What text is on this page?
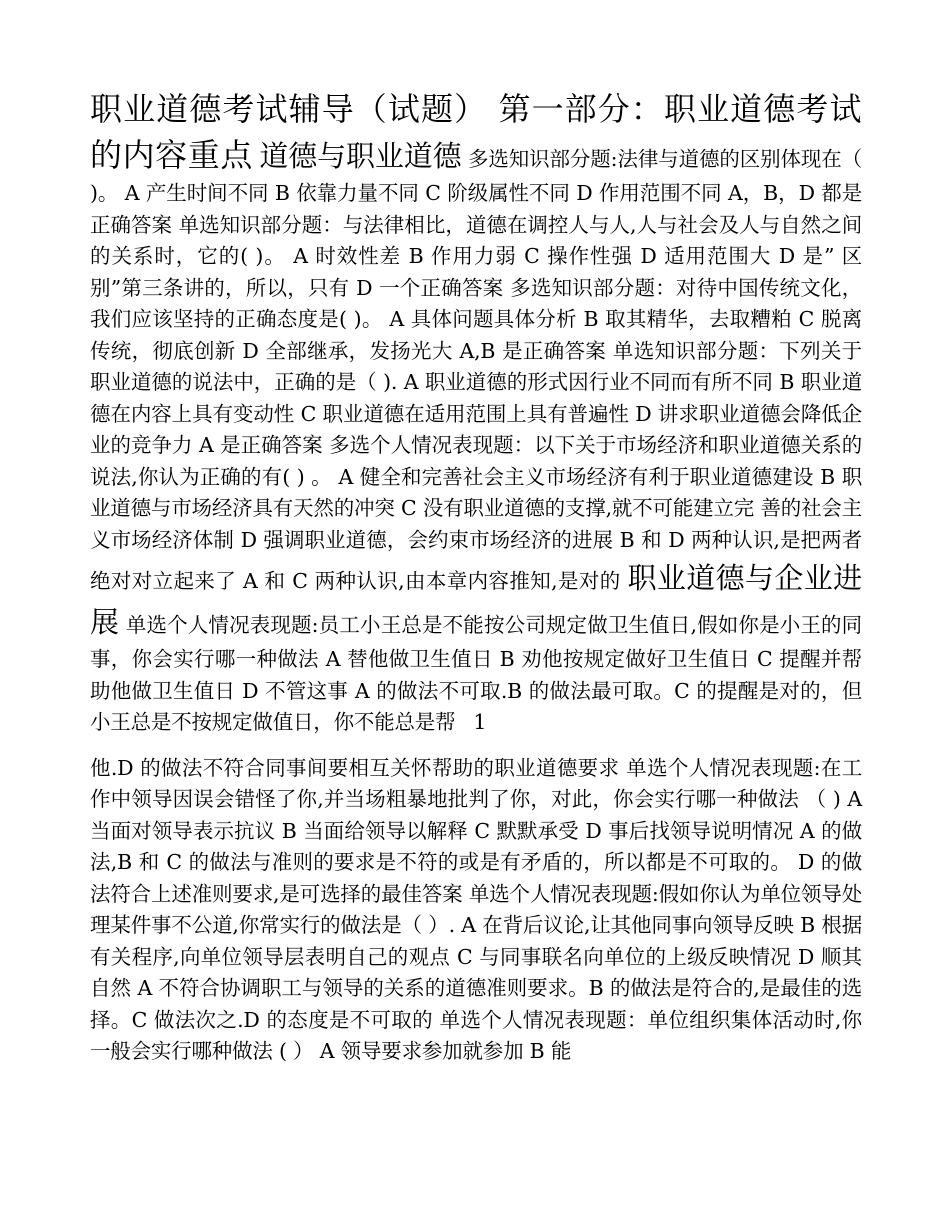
职业道德考试辅导（试题） 第一部分：职业道德考试的内容重点 道德与职业道德 多选知识部分题:法律与道德的区别体现在（ )。 A 产生时间不同 B 依靠力量不同 C 阶级属性不同 D 作用范围不同 A，B，D 都是正确答案 单选知识部分题：与法律相比，道德在调控人与人,人与社会及人与自然之间的关系时，它的( )。 A 时效性差 B 作用力弱 C 操作性强 D 适用范围大 D 是” 区别”第三条讲的，所以，只有 D 一个正确答案 多选知识部分题：对待中国传统文化，我们应该坚持的正确态度是( )。 A 具体问题具体分析 B 取其精华，去取糟粕 C 脱离传统，彻底创新 D 全部继承，发扬光大 A,B 是正确答案 单选知识部分题：下列关于职业道德的说法中，正确的是（ ). A 职业道德的形式因行业不同而有所不同 B 职业道德在内容上具有变动性 C 职业道德在适用范围上具有普遍性 D 讲求职业道德会降低企业的竞争力 A 是正确答案 多选个人情况表现题：以下关于市场经济和职业道德关系的说法,你认为正确的有( ) 。 A 健全和完善社会主义市场经济有利于职业道德建设 B 职业道德与市场经济具有天然的冲突 C 没有职业道德的支撑,就不可能建立完 善的社会主义市场经济体制 D 强调职业道德，会约束市场经济的进展 B 和 D 两种认识,是把两者绝对对立起来了 A 和 C 两种认识,由本章内容推知,是对的 职业道德与企业进展 单选个人情况表现题:员工小王总是不能按公司规定做卫生值日,假如你是小王的同事，你会实行哪一种做法 A 替他做卫生值日 B 劝他按规定做好卫生值日 C 提醒并帮助他做卫生值日 D 不管这事 A 的做法不可取.B 的做法最可取。C 的提醒是对的，但小王总是不按规定做值日，你不能总是帮 1

他.D 的做法不符合同事间要相互关怀帮助的职业道德要求 单选个人情况表现题:在工作中领导因误会错怪了你,并当场粗暴地批判了你，对此，你会实行哪一种做法 （ ) A 当面对领导表示抗议 B 当面给领导以解释 C 默默承受 D 事后找领导说明情况 A 的做法,B 和 C 的做法与准则的要求是不符的或是有矛盾的，所以都是不可取的。 D 的做法符合上述准则要求,是可选择的最佳答案 单选个人情况表现题:假如你认为单位领导处理某件事不公道,你常实行的做法是（ ）. A 在背后议论,让其他同事向领导反映 B 根据有关程序,向单位领导层表明自己的观点 C 与同事联名向单位的上级反映情况 D 顺其自然 A 不符合协调职工与领导的关系的道德准则要求。B 的做法是符合的,是最佳的选择。C 做法次之.D 的态度是不可取的 单选个人情况表现题：单位组织集体活动时,你一般会实行哪种做法 ( ） A 领导要求参加就参加 B 能
